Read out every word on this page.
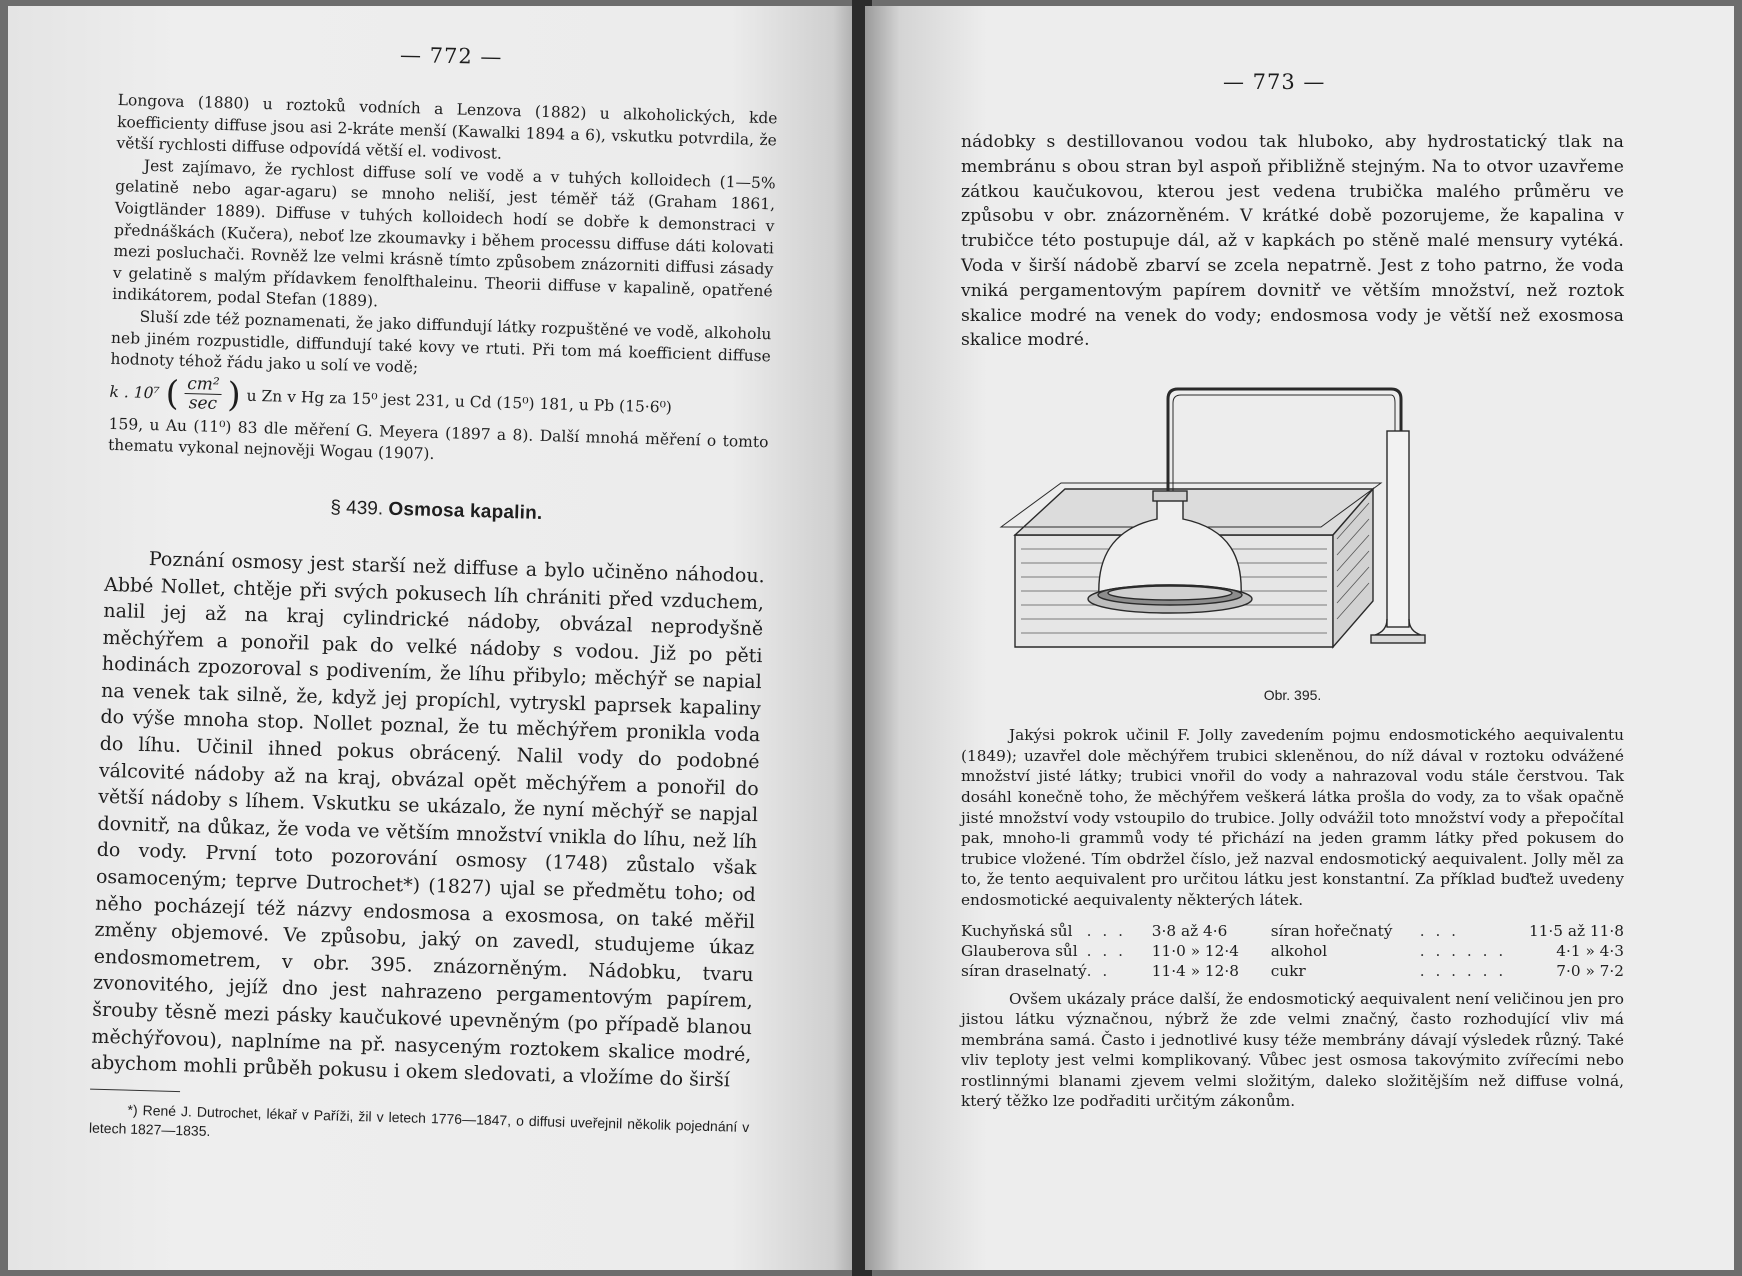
— 772 —

Longova (1880) u roztoků vodních a Lenzova (1882) u alkoholických, kde koefficienty diffuse jsou asi 2-kráte menší (Kawalki 1894 a 6), vskutku potvrdila, že větší rychlosti diffuse odpovídá větší el. vodivost.

Jest zajímavo, že rychlost diffuse solí ve vodě a v tuhých kolloidech (1—5% gelatině nebo agar-agaru) se mnoho neliší, jest téměř táž (Graham 1861, Voigtländer 1889). Diffuse v tuhých kolloidech hodí se dobře k demonstraci v přednáškách (Kučera), neboť lze zkoumavky i během processu diffuse dáti kolovati mezi posluchači. Rovněž lze velmi krásně tímto způsobem znázorniti diffusi zásady v gelatině s malým přídavkem fenolfthaleinu. Theorii diffuse v kapalině, opatřené indikátorem, podal Stefan (1889).

Sluší zde též poznamenati, že jako diffundují látky rozpuštěné ve vodě, alkoholu neb jiném rozpustidle, diffundují také kovy ve rtuti. Při tom má koefficient diffuse hodnoty téhož řádu jako u solí ve vodě;

k . 10⁷ ( $\frac{\text{cm²}}{\sec}$ ) u Zn v Hg za 15⁰ jest 231, u Cd (15⁰) 181, u Pb (15·6⁰)

159, u Au (11⁰) 83 dle měření G. Meyera (1897 a 8). Další mnohá měření o tomto thematu vykonal nejnověji Wogau (1907).

§ 439. Osmosa kapalin.

Poznání osmosy jest starší než diffuse a bylo učiněno náhodou. Abbé Nollet, chtěje při svých pokusech líh chrániti před vzduchem, nalil jej až na kraj cylindrické nádoby, obvázal neprodyšně měchýřem a ponořil pak do velké nádoby s vodou. Již po pěti hodinách zpozoroval s podivením, že líhu přibylo; měchýř se napial na venek tak silně, že, když jej propíchl, vytryskl paprsek kapaliny do výše mnoha stop. Nollet poznal, že tu měchýřem pronikla voda do líhu. Učinil ihned pokus obrácený. Nalil vody do podobné válcovité nádoby až na kraj, obvázal opět měchýřem a ponořil do větší nádoby s líhem. Vskutku se ukázalo, že nyní měchýř se napjal dovnitř, na důkaz, že voda ve větším množství vnikla do líhu, než líh do vody. První toto pozorování osmosy (1748) zůstalo však osamoceným; teprve Dutrochet*) (1827) ujal se předmětu toho; od něho pocházejí též názvy endosmosa a exosmosa, on také měřil změny objemové. Ve způsobu, jaký on zavedl, studujeme úkaz endosmometrem, v obr. 395. znázorněným. Nádobku, tvaru zvonovitého, jejíž dno jest nahrazeno pergamentovým papírem, šrouby těsně mezi pásky kaučukové upevněným (po případě blanou měchýřovou), naplníme na př. nasyceným roztokem skalice modré, abychom mohli průběh pokusu i okem sledovati, a vložíme do širší

*) René J. Dutrochet, lékař v Paříži, žil v letech 1776—1847, o diffusi uveřejnil několik pojednání v letech 1827—1835.

— 773 —

nádobky s destillovanou vodou tak hluboko, aby hydrostatický tlak na membránu s obou stran byl aspoň přibližně stejným. Na to otvor uzavřeme zátkou kaučukovou, kterou jest vedena trubička malého průměru ve způsobu v obr. znázorněném. V krátké době pozorujeme, že kapalina v trubičce této postupuje dál, až v kapkách po stěně malé mensury vytéká. Voda v širší nádobě zbarví se zcela nepatrně. Jest z toho patrno, že voda vniká pergamentovým papírem dovnitř ve větším množství, než roztok skalice modré na venek do vody; endosmosa vody je větší než exosmosa skalice modré.

Obr. 395.

Jakýsi pokrok učinil F. Jolly zavedením pojmu endosmotického aequivalentu (1849); uzavřel dole měchýřem trubici skleněnou, do níž dával v roztoku odvážené množství jisté látky; trubici vnořil do vody a nahrazoval vodu stále čerstvou. Tak dosáhl konečně toho, že měchýřem veškerá látka prošla do vody, za to však opačně jisté množství vody vstoupilo do trubice. Jolly odvážil toto množství vody a přepočítal pak, mnoho-li grammů vody té přichází na jeden gramm látky před pokusem do trubice vložené. Tím obdržel číslo, jež nazval endosmotický aequivalent. Jolly měl za to, že tento aequivalent pro určitou látku jest konstantní. Za příklad buďtež uvedeny endosmotické aequivalenty některých látek.

Kuchyňská sůl	. . .	3·8 až 4·6	síran hořečnatý	. . .	11·5 až 11·8
Glauberova sůl	. . .	11·0 » 12·4	alkohol	. . . . . .	4·1 » 4·3
síran draselnatý	. .	11·4 » 12·8	cukr	. . . . . .	7·0 » 7·2

Ovšem ukázaly práce další, že endosmotický aequivalent není veličinou jen pro jistou látku význačnou, nýbrž že zde velmi značný, často rozhodující vliv má membrána samá. Často i jednotlivé kusy téže membrány dávají výsledek různý. Také vliv teploty jest velmi komplikovaný. Vůbec jest osmosa takovýmito zvířecími nebo rostlinnými blanami zjevem velmi složitým, daleko složitějším než diffuse volná, který těžko lze podřaditi určitým zákonům.
